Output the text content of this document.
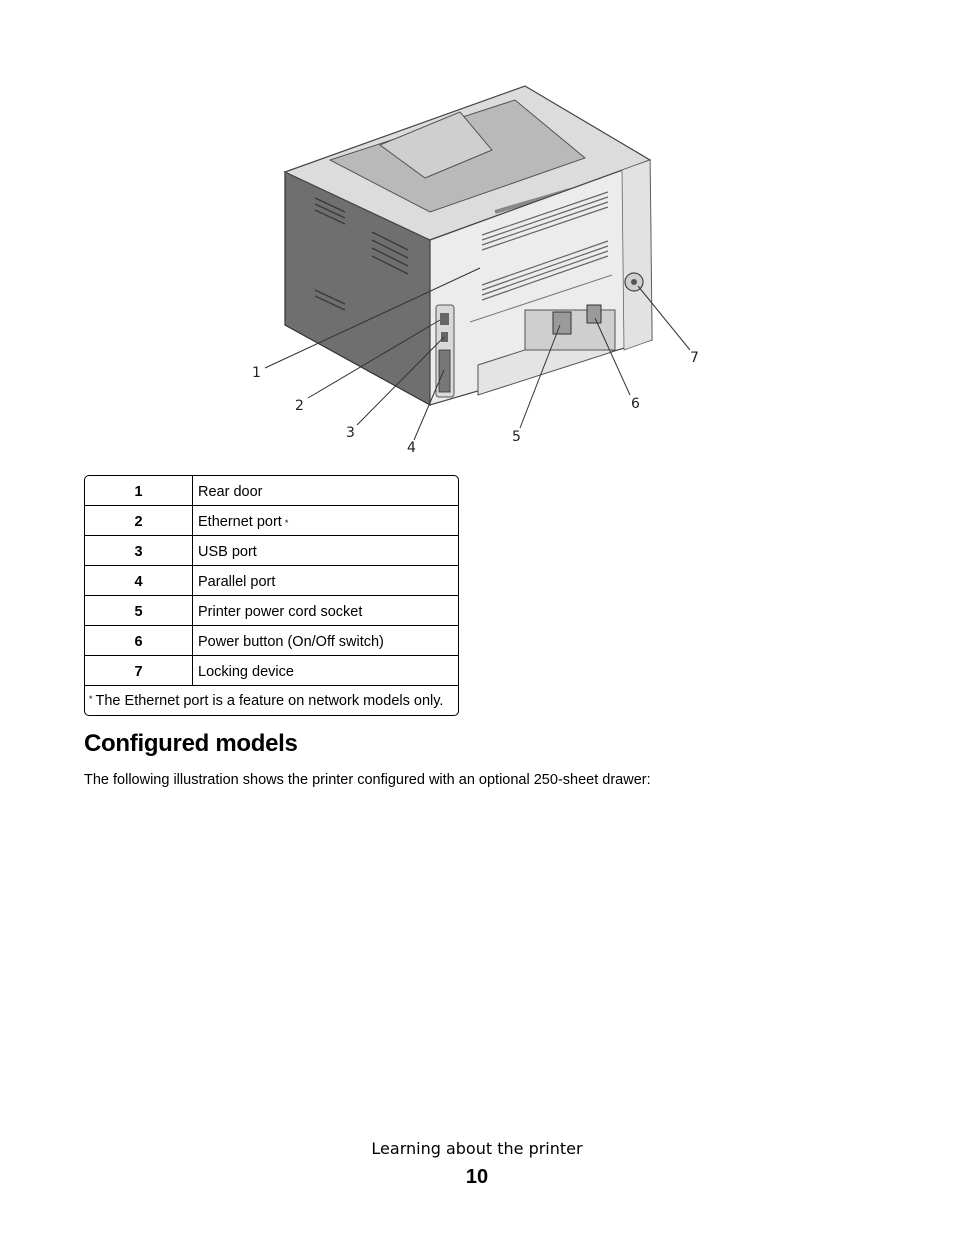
1
2
3
4
5
6
7
1	Rear door
2	Ethernet port *
3	USB port
4	Parallel port
5	Printer power cord socket
6	Power button (On/Off switch)
7	Locking device
* The Ethernet port is a feature on network models only.
Configured models

The following illustration shows the printer configured with an optional 250-sheet drawer:

Learning about the printer
10
